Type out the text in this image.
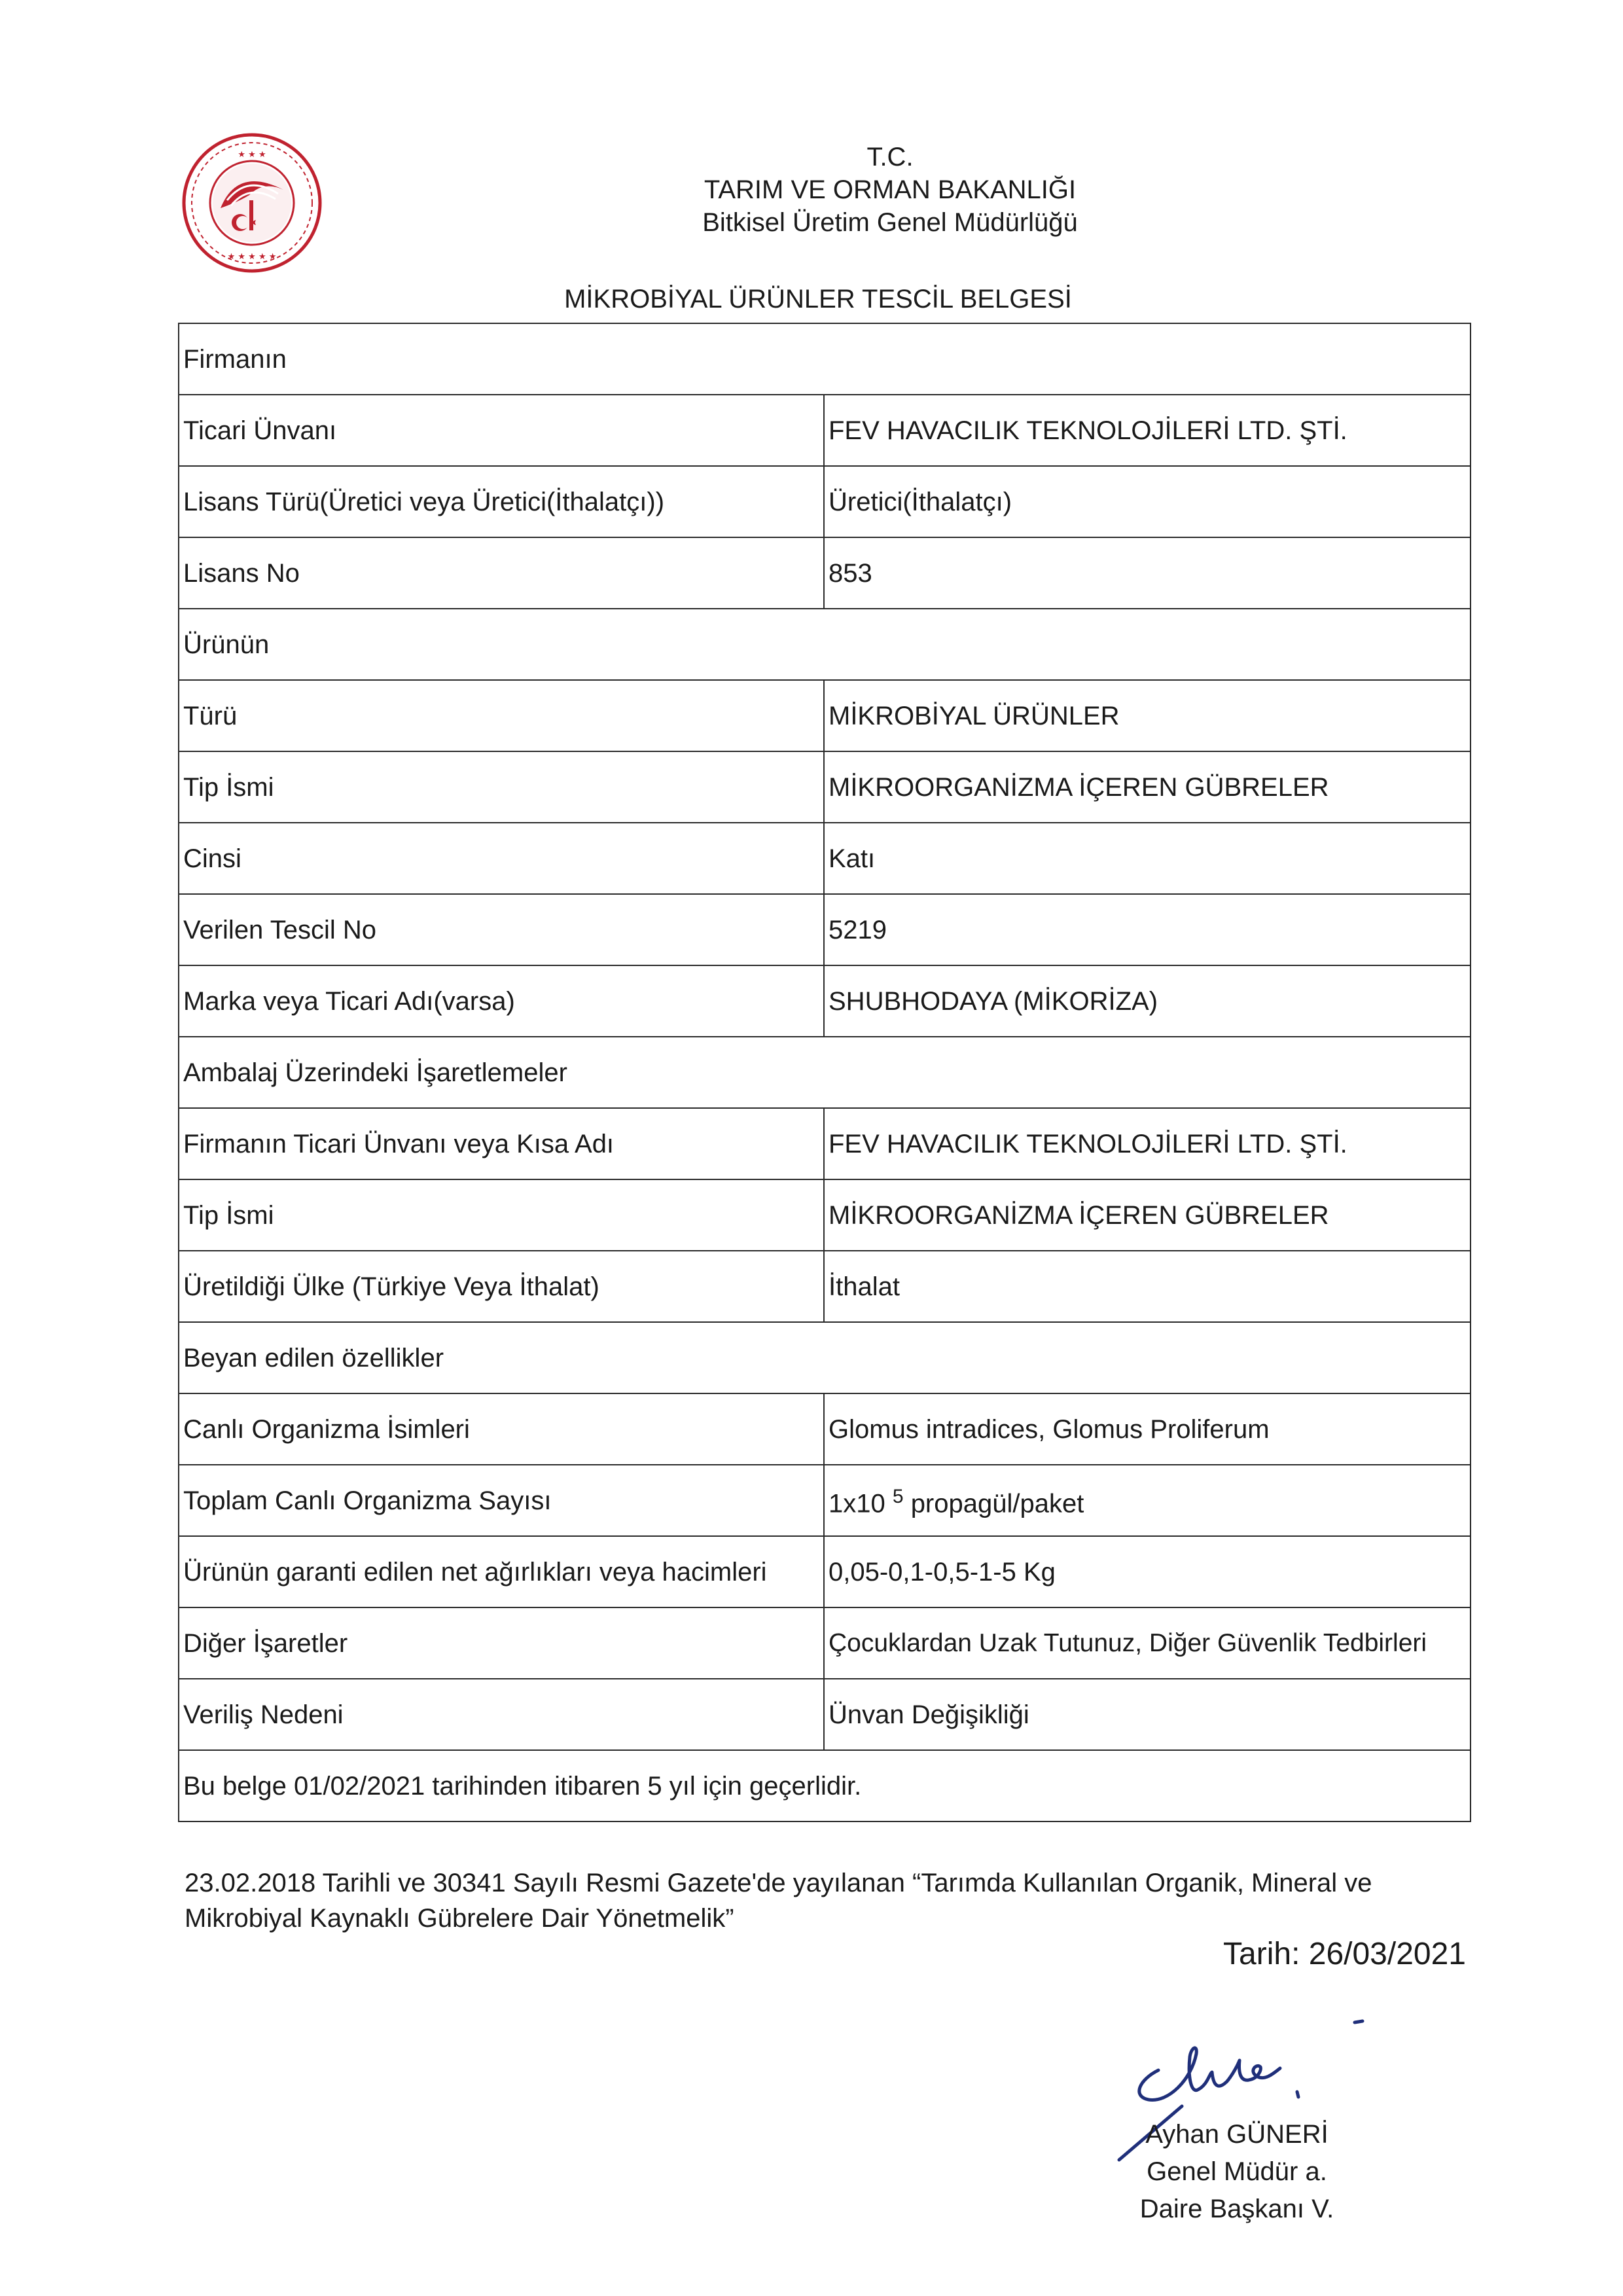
★ ★ ★
★ ★ ★ ★ ★
T.C.
TARIM VE ORMAN BAKANLIĞI
Bitkisel Üretim Genel Müdürlüğü
MİKROBİYAL ÜRÜNLER TESCİL BELGESİ
Firmanın	
Ticari Ünvanı	FEV HAVACILIK TEKNOLOJİLERİ LTD. ŞTİ.
Lisans Türü(Üretici veya Üretici(İthalatçı))	Üretici(İthalatçı)
Lisans No	853
Ürünün	
Türü	MİKROBİYAL ÜRÜNLER
Tip İsmi	MİKROORGANİZMA İÇEREN GÜBRELER
Cinsi	Katı
Verilen Tescil No	5219
Marka veya Ticari Adı(varsa)	SHUBHODAYA (MİKORİZA)
Ambalaj Üzerindeki İşaretlemeler	
Firmanın Ticari Ünvanı veya Kısa Adı	FEV HAVACILIK TEKNOLOJİLERİ LTD. ŞTİ.
Tip İsmi	MİKROORGANİZMA İÇEREN GÜBRELER
Üretildiği Ülke (Türkiye Veya İthalat)	İthalat
Beyan edilen özellikler	
Canlı Organizma İsimleri	Glomus intradices, Glomus Proliferum
Toplam Canlı Organizma Sayısı	1x10 $^5$ propagül/paket
Ürünün garanti edilen net ağırlıkları veya hacimleri	0,05-0,1-0,5-1-5 Kg
Diğer İşaretler	Çocuklardan Uzak Tutunuz, Diğer Güvenlik Tedbirleri
Veriliş Nedeni	Ünvan Değişikliği
Bu belge 01/02/2021 tarihinden itibaren 5 yıl için geçerlidir.	
23.02.2018 Tarihli ve 30341 Sayılı Resmi Gazete'de yayılanan “Tarımda Kullanılan Organik, Mineral ve Mikrobiyal Kaynaklı Gübrelere Dair Yönetmelik”
Tarih: 26/03/2021
Ayhan GÜNERİ
Genel Müdür a.
Daire Başkanı V.
